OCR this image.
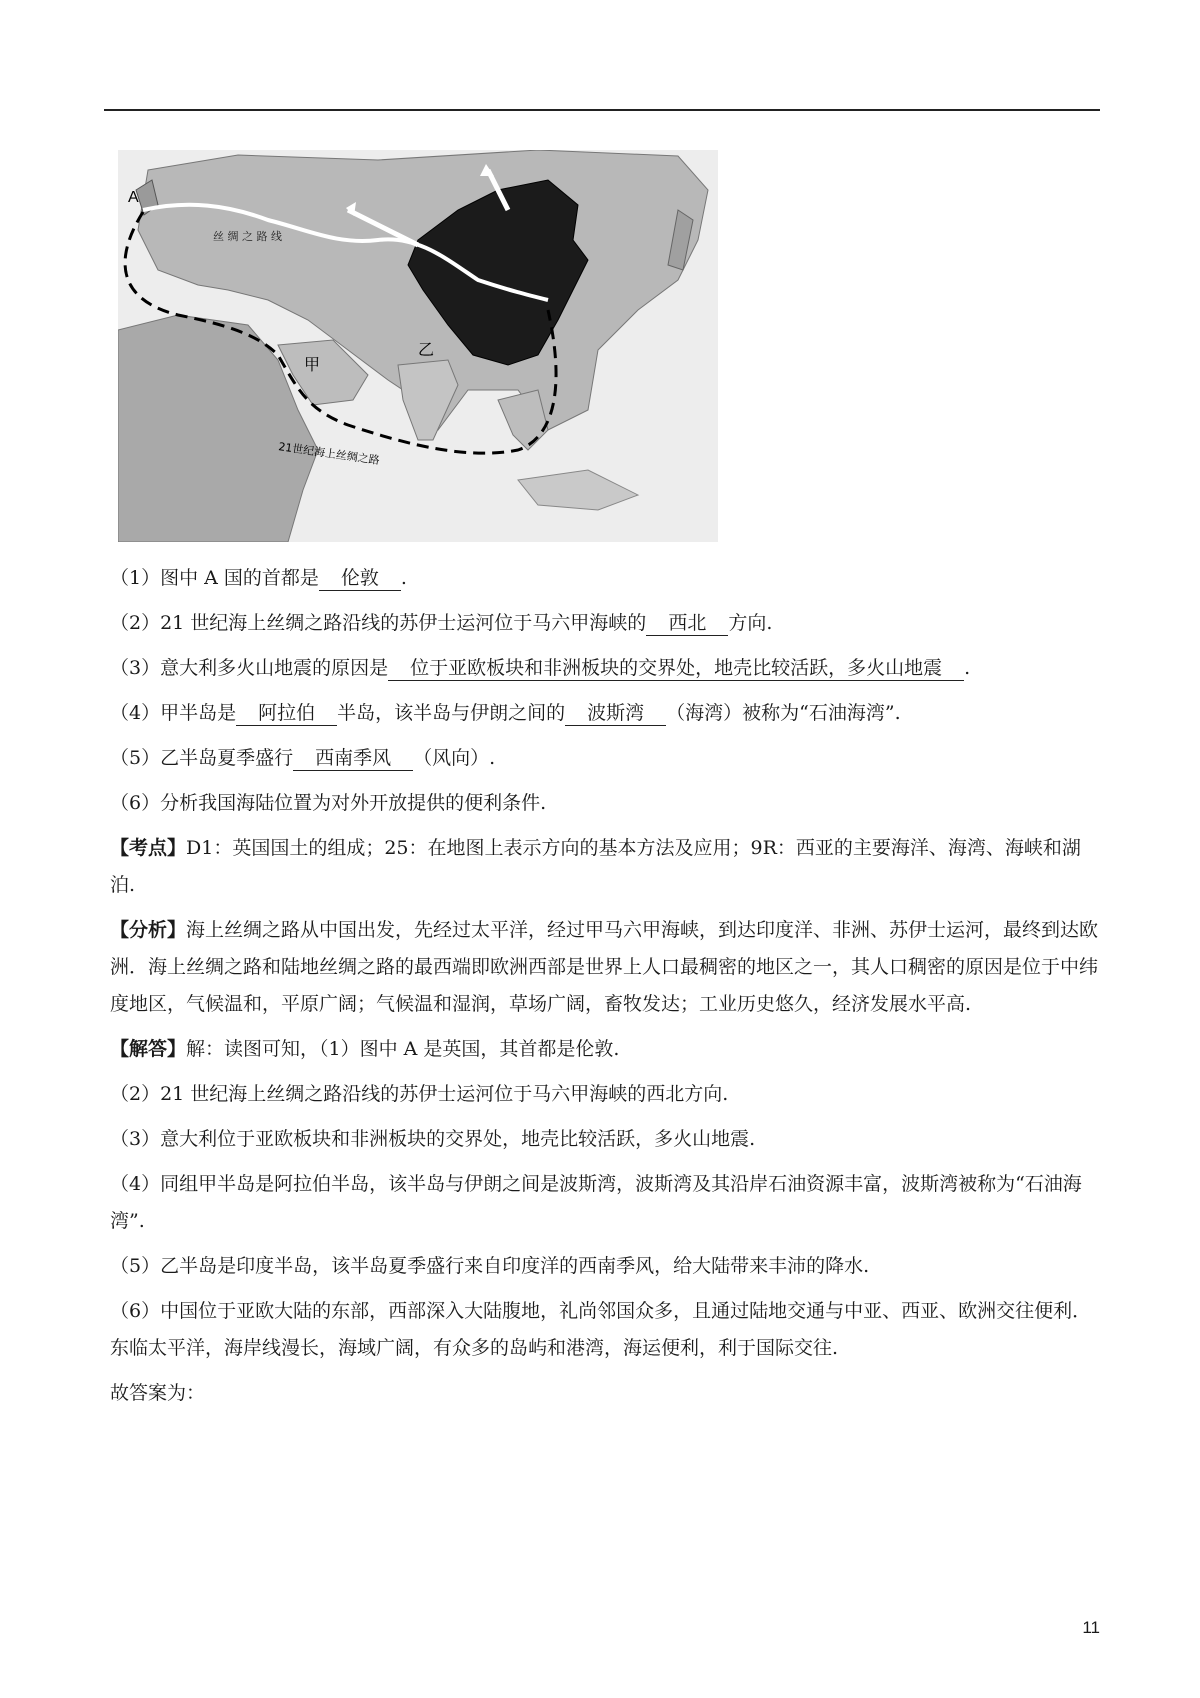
A
甲
乙
丝 绸 之 路 线
21世纪海上丝绸之路

（1）图中 A 国的首都是 伦敦 .

（2）21 世纪海上丝绸之路沿线的苏伊士运河位于马六甲海峡的 西北 方向.

（3）意大利多火山地震的原因是 位于亚欧板块和非洲板块的交界处，地壳比较活跃，多火山地震 .

（4）甲半岛是 阿拉伯 半岛，该半岛与伊朗之间的 波斯湾 （海湾）被称为“石油海湾”.

（5）乙半岛夏季盛行 西南季风 （风向）.

（6）分析我国海陆位置为对外开放提供的便利条件.

【考点】D1：英国国土的组成；25：在地图上表示方向的基本方法及应用；9R：西亚的主要海洋、海湾、海峡和湖泊.

【分析】海上丝绸之路从中国出发，先经过太平洋，经过甲马六甲海峡，到达印度洋、非洲、苏伊士运河，最终到达欧洲．海上丝绸之路和陆地丝绸之路的最西端即欧洲西部是世界上人口最稠密的地区之一，其人口稠密的原因是位于中纬度地区，气候温和，平原广阔；气候温和湿润，草场广阔，畜牧发达；工业历史悠久，经济发展水平高.

【解答】解：读图可知，（1）图中 A 是英国，其首都是伦敦.

（2）21 世纪海上丝绸之路沿线的苏伊士运河位于马六甲海峡的西北方向.

（3）意大利位于亚欧板块和非洲板块的交界处，地壳比较活跃，多火山地震.

（4）同组甲半岛是阿拉伯半岛，该半岛与伊朗之间是波斯湾，波斯湾及其沿岸石油资源丰富，波斯湾被称为“石油海湾”.

（5）乙半岛是印度半岛，该半岛夏季盛行来自印度洋的西南季风，给大陆带来丰沛的降水.

（6）中国位于亚欧大陆的东部，西部深入大陆腹地，礼尚邻国众多，且通过陆地交通与中亚、西亚、欧洲交往便利．东临太平洋，海岸线漫长，海域广阔，有众多的岛屿和港湾，海运便利，利于国际交往.

故答案为：

11
